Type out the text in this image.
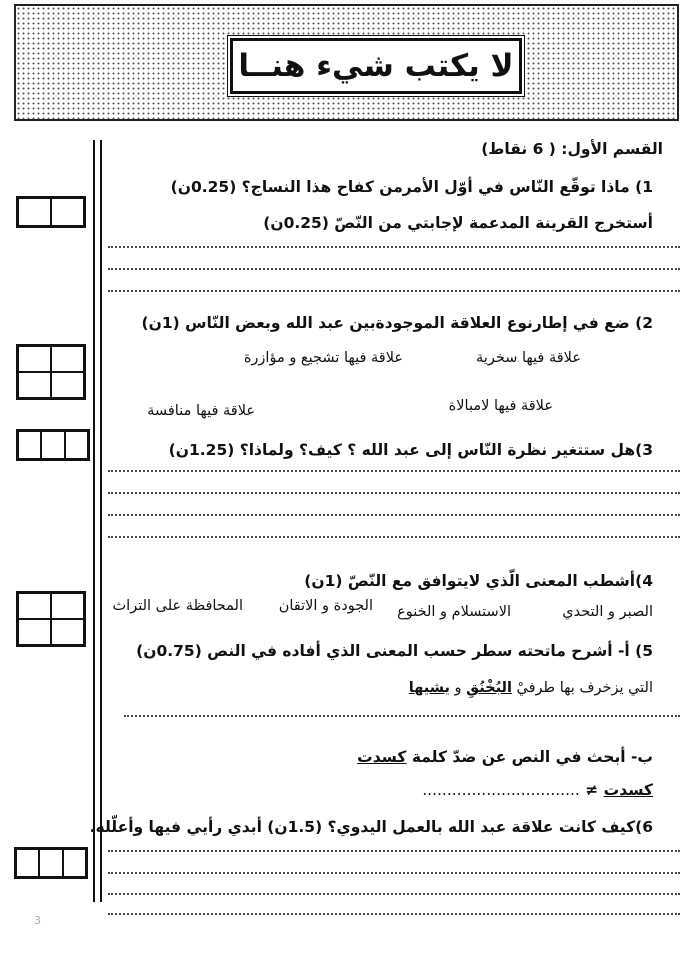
لا يكتب شيء هنــا
القسم الأول: ( 6 نقاط)
1) ماذا توقّع النّاس في أوّل الأمرمن كفاح هذا النساج؟ (0.25ن)
أستخرج القرينة المدعمة لإجابتي من النّصّ (0.25ن)
2) ضع في إطارنوع العلاقة الموجودةبين عبد الله وبعض النّاس (1ن)
علاقة فيها سخرية
علاقة فيها تشجيع و مؤازرة
علاقة فيها لامبالاة
علاقة فيها منافسة
3)هل ستتغير نظرة النّاس إلى عبد الله ؟ كيف؟ ولماذا؟ (1.25ن)
4)أشطب المعنى الّذي لايتوافق مع النّصّ (1ن)
الصبر و التحدي
الاستسلام و الخنوع
الجودة و الاتقان
المحافظة على التراث
5) أ- أشرح ماتحته سطر حسب المعنى الذي أفاده في النص (0.75ن)
التي يزخرف بها طرفيْ البُخْنُقِ و يشيها
ب- أبحث في النص عن ضدّ كلمة كسدت
كسدت ≠ ................................
6)كيف كانت علاقة عبد الله بالعمل اليدوي؟ (1.5ن) أبدي رأيي فيها وأعلّله.
3
